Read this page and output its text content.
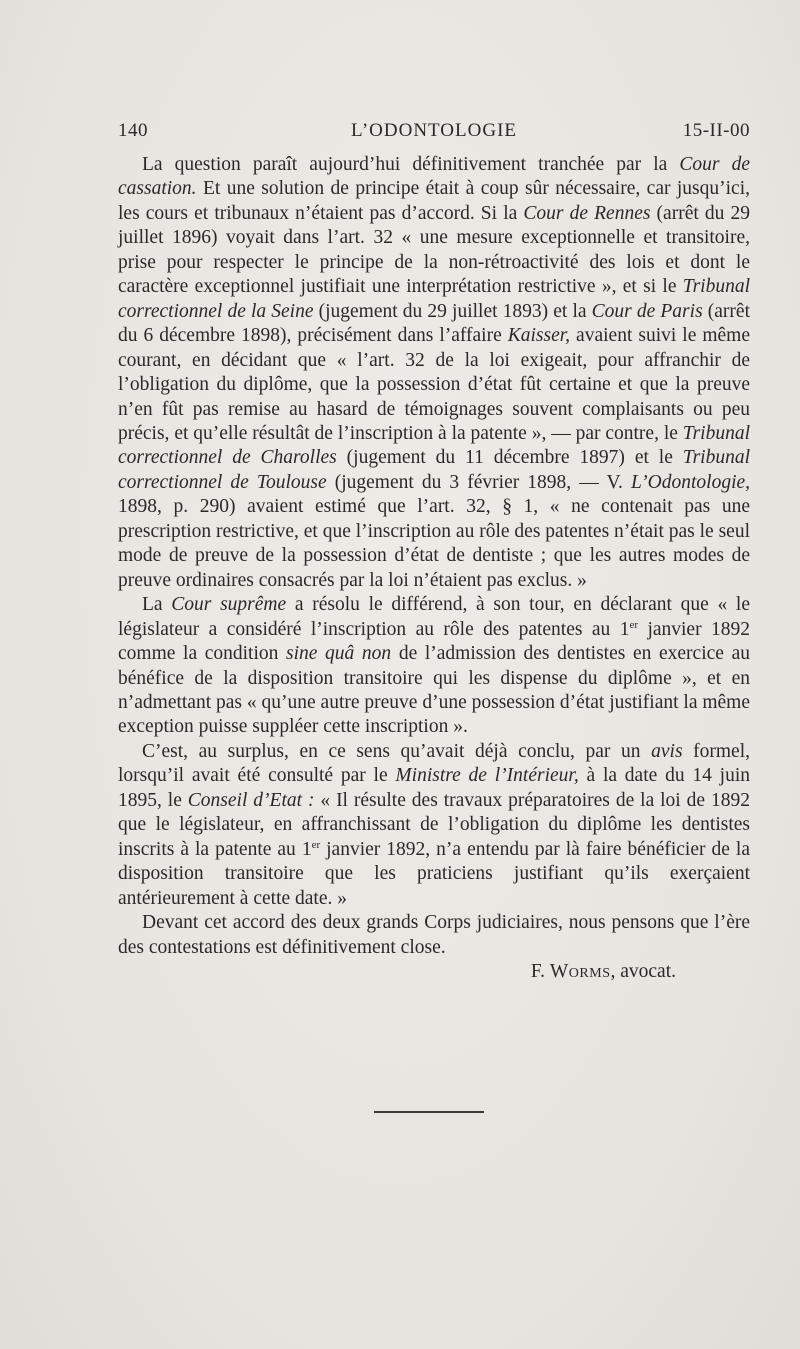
140	L’ODONTOLOGIE	15-II-00

La question paraît aujourd’hui définitivement tranchée par la Cour de cassation. Et une solution de principe était à coup sûr nécessaire, car jusqu’ici, les cours et tribunaux n’étaient pas d’accord. Si la Cour de Rennes (arrêt du 29 juillet 1896) voyait dans l’art. 32 « une mesure exceptionnelle et transitoire, prise pour respecter le principe de la non-rétroactivité des lois et dont le caractère exceptionnel justifiait une interprétation restrictive », et si le Tribunal correctionnel de la Seine (jugement du 29 juillet 1893) et la Cour de Paris (arrêt du 6 décembre 1898), précisément dans l’affaire Kaisser, avaient suivi le même courant, en décidant que « l’art. 32 de la loi exigeait, pour affranchir de l’obligation du diplôme, que la possession d’état fût certaine et que la preuve n’en fût pas remise au hasard de témoignages souvent complaisants ou peu précis, et qu’elle résultât de l’inscription à la patente », — par contre, le Tribunal correctionnel de Charolles (jugement du 11 décembre 1897) et le Tribunal correctionnel de Toulouse (jugement du 3 février 1898, — V. L’Odontologie, 1898, p. 290) avaient estimé que l’art. 32, § 1, « ne contenait pas une prescription restrictive, et que l’inscription au rôle des patentes n’était pas le seul mode de preuve de la possession d’état de dentiste ; que les autres modes de preuve ordinaires consacrés par la loi n’étaient pas exclus. »

La Cour suprême a résolu le différend, à son tour, en déclarant que « le législateur a considéré l’inscription au rôle des patentes au 1er janvier 1892 comme la condition sine quâ non de l’admission des dentistes en exercice au bénéfice de la disposition transitoire qui les dispense du diplôme », et en n’admettant pas « qu’une autre preuve d’une possession d’état justifiant la même exception puisse suppléer cette inscription ».

C’est, au surplus, en ce sens qu’avait déjà conclu, par un avis formel, lorsqu’il avait été consulté par le Ministre de l’Intérieur, à la date du 14 juin 1895, le Conseil d’Etat : « Il résulte des travaux préparatoires de la loi de 1892 que le législateur, en affranchissant de l’obligation du diplôme les dentistes inscrits à la patente au 1er janvier 1892, n’a entendu par là faire bénéficier de la disposition transitoire que les praticiens justifiant qu’ils exerçaient antérieurement à cette date. »

Devant cet accord des deux grands Corps judiciaires, nous pensons que l’ère des contestations est définitivement close.

F. Worms, avocat.
